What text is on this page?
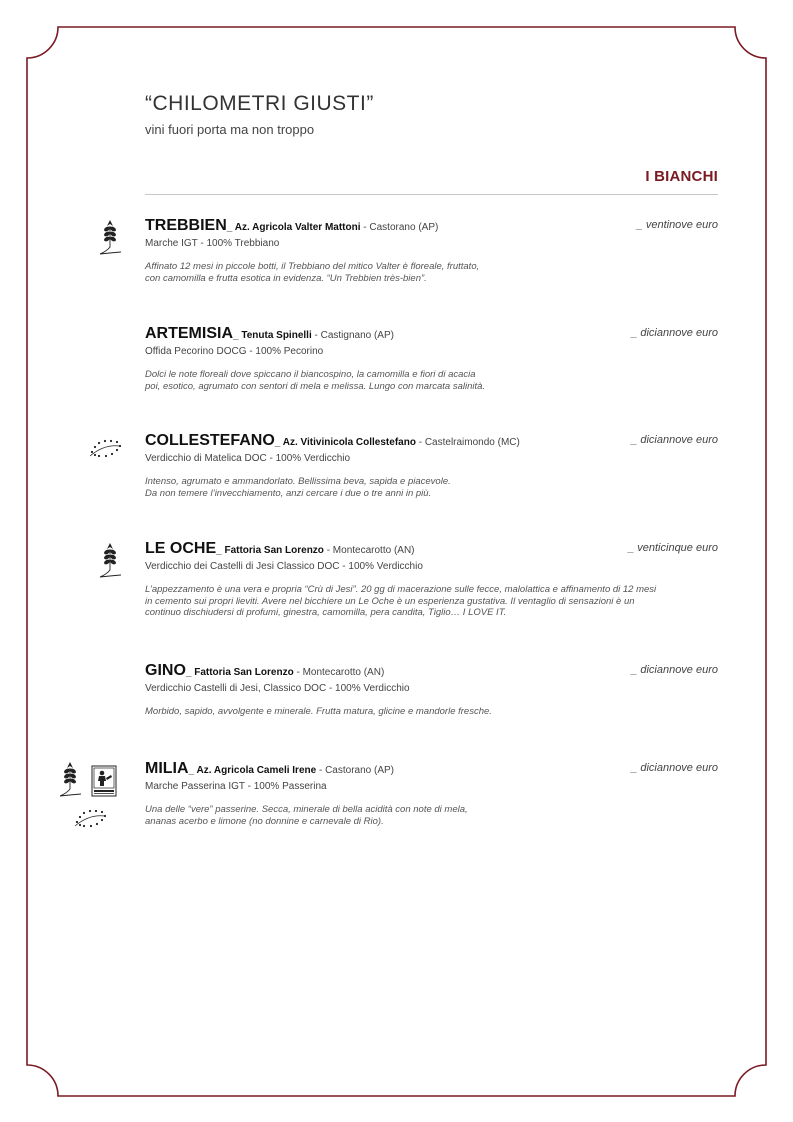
“CHILOMETRI GIUSTI”
vini fuori porta ma non troppo
I BIANCHI
TREBBIEN_ Az. Agricola Valter Mattoni - Castorano (AP)
Marche IGT - 100% Trebbiano
Affinato 12 mesi in piccole botti, il Trebbiano del mitico Valter è floreale, fruttato,
con camomilla e frutta esotica in evidenza. “Un Trebbien très-bien”.
_ ventinove euro
ARTEMISIA_ Tenuta Spinelli - Castignano (AP)
Offida Pecorino DOCG - 100% Pecorino
Dolci le note floreali dove spiccano il biancospino, la camomilla e fiori di acacia
poi, esotico, agrumato con sentori di mela e melissa. Lungo con marcata salinità.
_ diciannove euro
COLLESTEFANO_ Az. Vitivinicola Collestefano - Castelraimondo (MC)
Verdicchio di Matelica DOC - 100% Verdicchio
Intenso, agrumato e ammandorlato. Bellissima beva, sapida e piacevole.
Da non temere l’invecchiamento, anzi cercare i due o tre anni in più.
_ diciannove euro
LE OCHE_ Fattoria San Lorenzo - Montecarotto (AN)
Verdicchio dei Castelli di Jesi Classico DOC - 100% Verdicchio
L’appezzamento è una vera e propria “Crù di Jesi”. 20 gg di macerazione sulle fecce, malolattica e affinamento di 12 mesi
in cemento sui propri lieviti. Avere nel bicchiere un Le Oche è un esperienza gustativa. Il ventaglio di sensazioni è un
continuo dischiudersi di profumi, ginestra, camomilla, pera candita, Tiglio… I LOVE IT.
_ venticinque euro
GINO_ Fattoria San Lorenzo - Montecarotto (AN)
Verdicchio Castelli di Jesi, Classico DOC - 100% Verdicchio
Morbido, sapido, avvolgente e minerale. Frutta matura, glicine e mandorle fresche.
_ diciannove euro
MILIA_ Az. Agricola Cameli Irene - Castorano (AP)
Marche Passerina IGT - 100% Passerina
Una delle “vere” passerine. Secca, minerale di bella acidità con note di mela,
ananas acerbo e limone (no donnine e carnevale di Rio).
_ diciannove euro
